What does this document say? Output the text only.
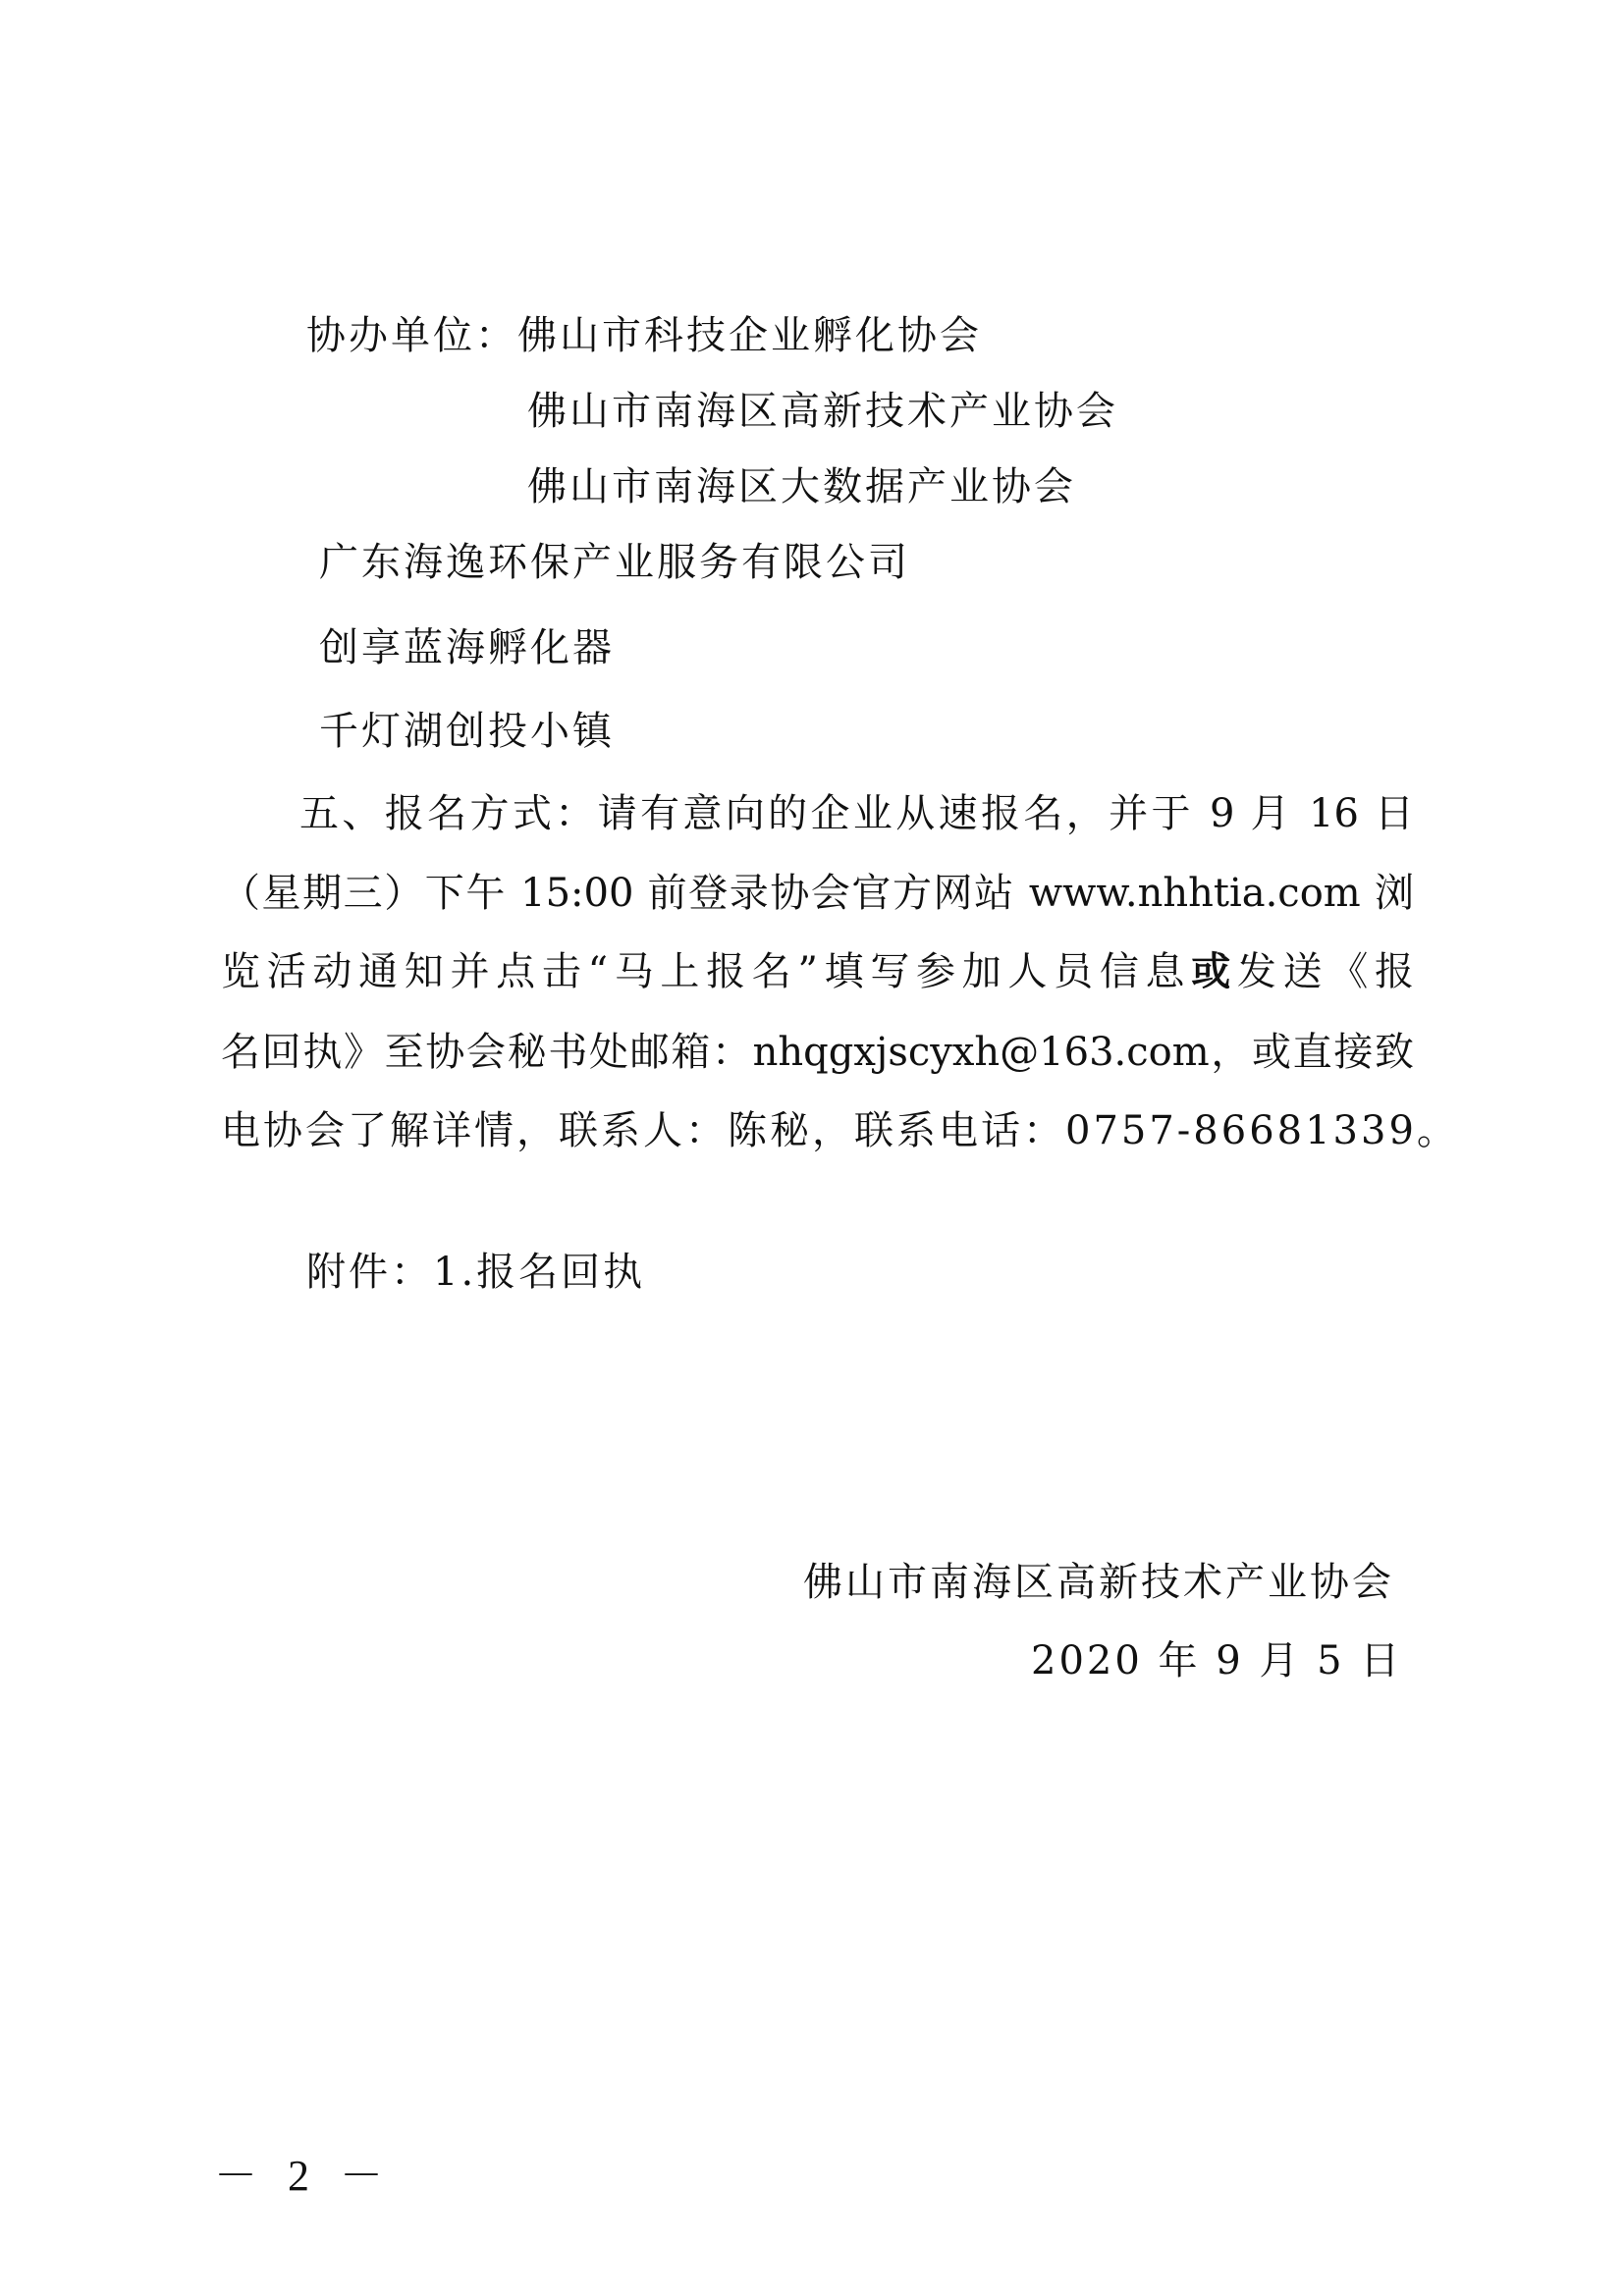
协办单位：佛山市科技企业孵化协会
佛山市南海区高新技术产业协会
佛山市南海区大数据产业协会
广东海逸环保产业服务有限公司
创享蓝海孵化器
千灯湖创投小镇
五、报名方式：请有意向的企业从速报名，并于 9 月 16 日
（星期三）下午 15:00 前登录协会官方网站 www.nhhtia.com 浏
览活动通知并点击“马上报名”填写参加人员信息或发送《报
名回执》至协会秘书处邮箱：nhqgxjscyxh@163.com，或直接致
电协会了解详情，联系人：陈秘，联系电话：0757-86681339。
附件：1.报名回执
佛山市南海区高新技术产业协会
2020 年 9 月 5 日
－ 2 －
